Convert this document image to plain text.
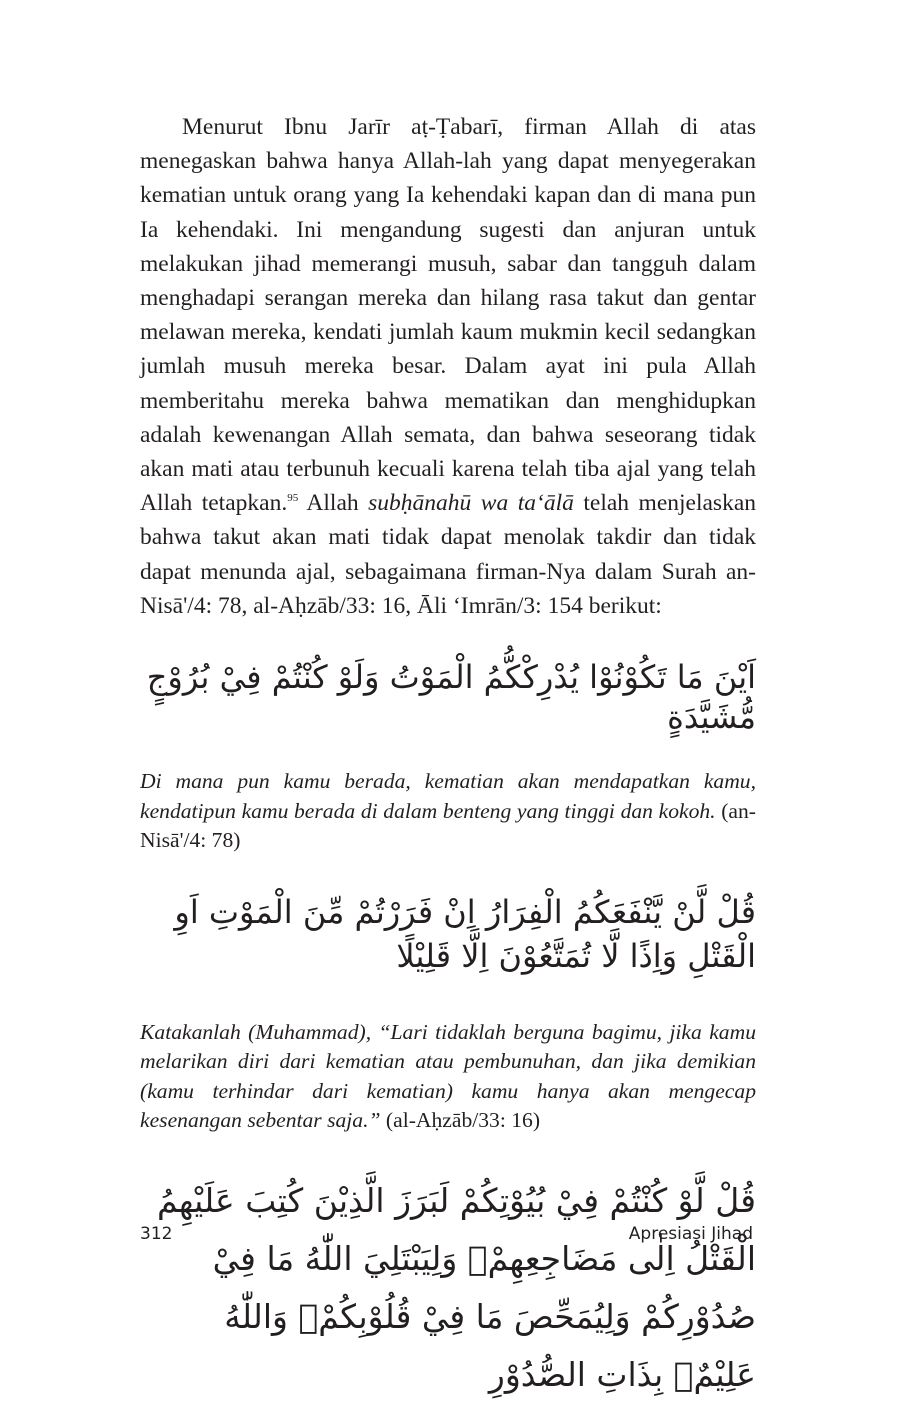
Menurut Ibnu Jarīr aṭ-Ṭabarī, firman Allah di atas menegaskan bahwa hanya Allah-lah yang dapat menyegerakan kematian untuk orang yang Ia kehendaki kapan dan di mana pun Ia kehendaki. Ini mengandung sugesti dan anjuran untuk melakukan jihad memerangi musuh, sabar dan tangguh dalam menghadapi serangan mereka dan hilang rasa takut dan gentar melawan mereka, kendati jumlah kaum mukmin kecil sedangkan jumlah musuh mereka besar. Dalam ayat ini pula Allah memberitahu mereka bahwa mematikan dan menghidupkan adalah kewenangan Allah semata, dan bahwa seseorang tidak akan mati atau terbunuh kecuali karena telah tiba ajal yang telah Allah tetapkan.$^{95}$ Allah subḥānahū wa ta‘ālā telah menjelaskan bahwa takut akan mati tidak dapat menolak takdir dan tidak dapat menunda ajal, sebagaimana firman-Nya dalam Surah an-Nisā'/4: 78, al-Aḥzāb/33: 16, Āli ‘Imrān/3: 154 berikut:

اَيْنَ مَا تَكُوْنُوْا يُدْرِكْكُّمُ الْمَوْتُ وَلَوْ كُنْتُمْ فِيْ بُرُوْجٍ مُّشَيَّدَةٍ

Di mana pun kamu berada, kematian akan mendapatkan kamu, kendatipun kamu berada di dalam benteng yang tinggi dan kokoh. (an-Nisā'/4: 78)

قُلْ لَّنْ يَّنْفَعَكُمُ الْفِرَارُ اِنْ فَرَرْتُمْ مِّنَ الْمَوْتِ اَوِ الْقَتْلِ وَاِذًا لَّا تُمَتَّعُوْنَ اِلَّا قَلِيْلًا

Katakanlah (Muhammad), “Lari tidaklah berguna bagimu, jika kamu melarikan diri dari kematian atau pembunuhan, dan jika demikian (kamu terhindar dari kematian) kamu hanya akan mengecap kesenangan sebentar saja.” (al-Aḥzāb/33: 16)

قُلْ لَّوْ كُنْتُمْ فِيْ بُيُوْتِكُمْ لَبَرَزَ الَّذِيْنَ كُتِبَ عَلَيْهِمُ الْقَتْلُ اِلٰى مَضَاجِعِهِمْۚ وَلِيَبْتَلِيَ اللّٰهُ مَا فِيْ صُدُوْرِكُمْ وَلِيُمَحِّصَ مَا فِيْ قُلُوْبِكُمْۗ وَاللّٰهُ عَلِيْمٌۢ بِذَاتِ الصُّدُوْرِ

312	Apresiasi Jihad
